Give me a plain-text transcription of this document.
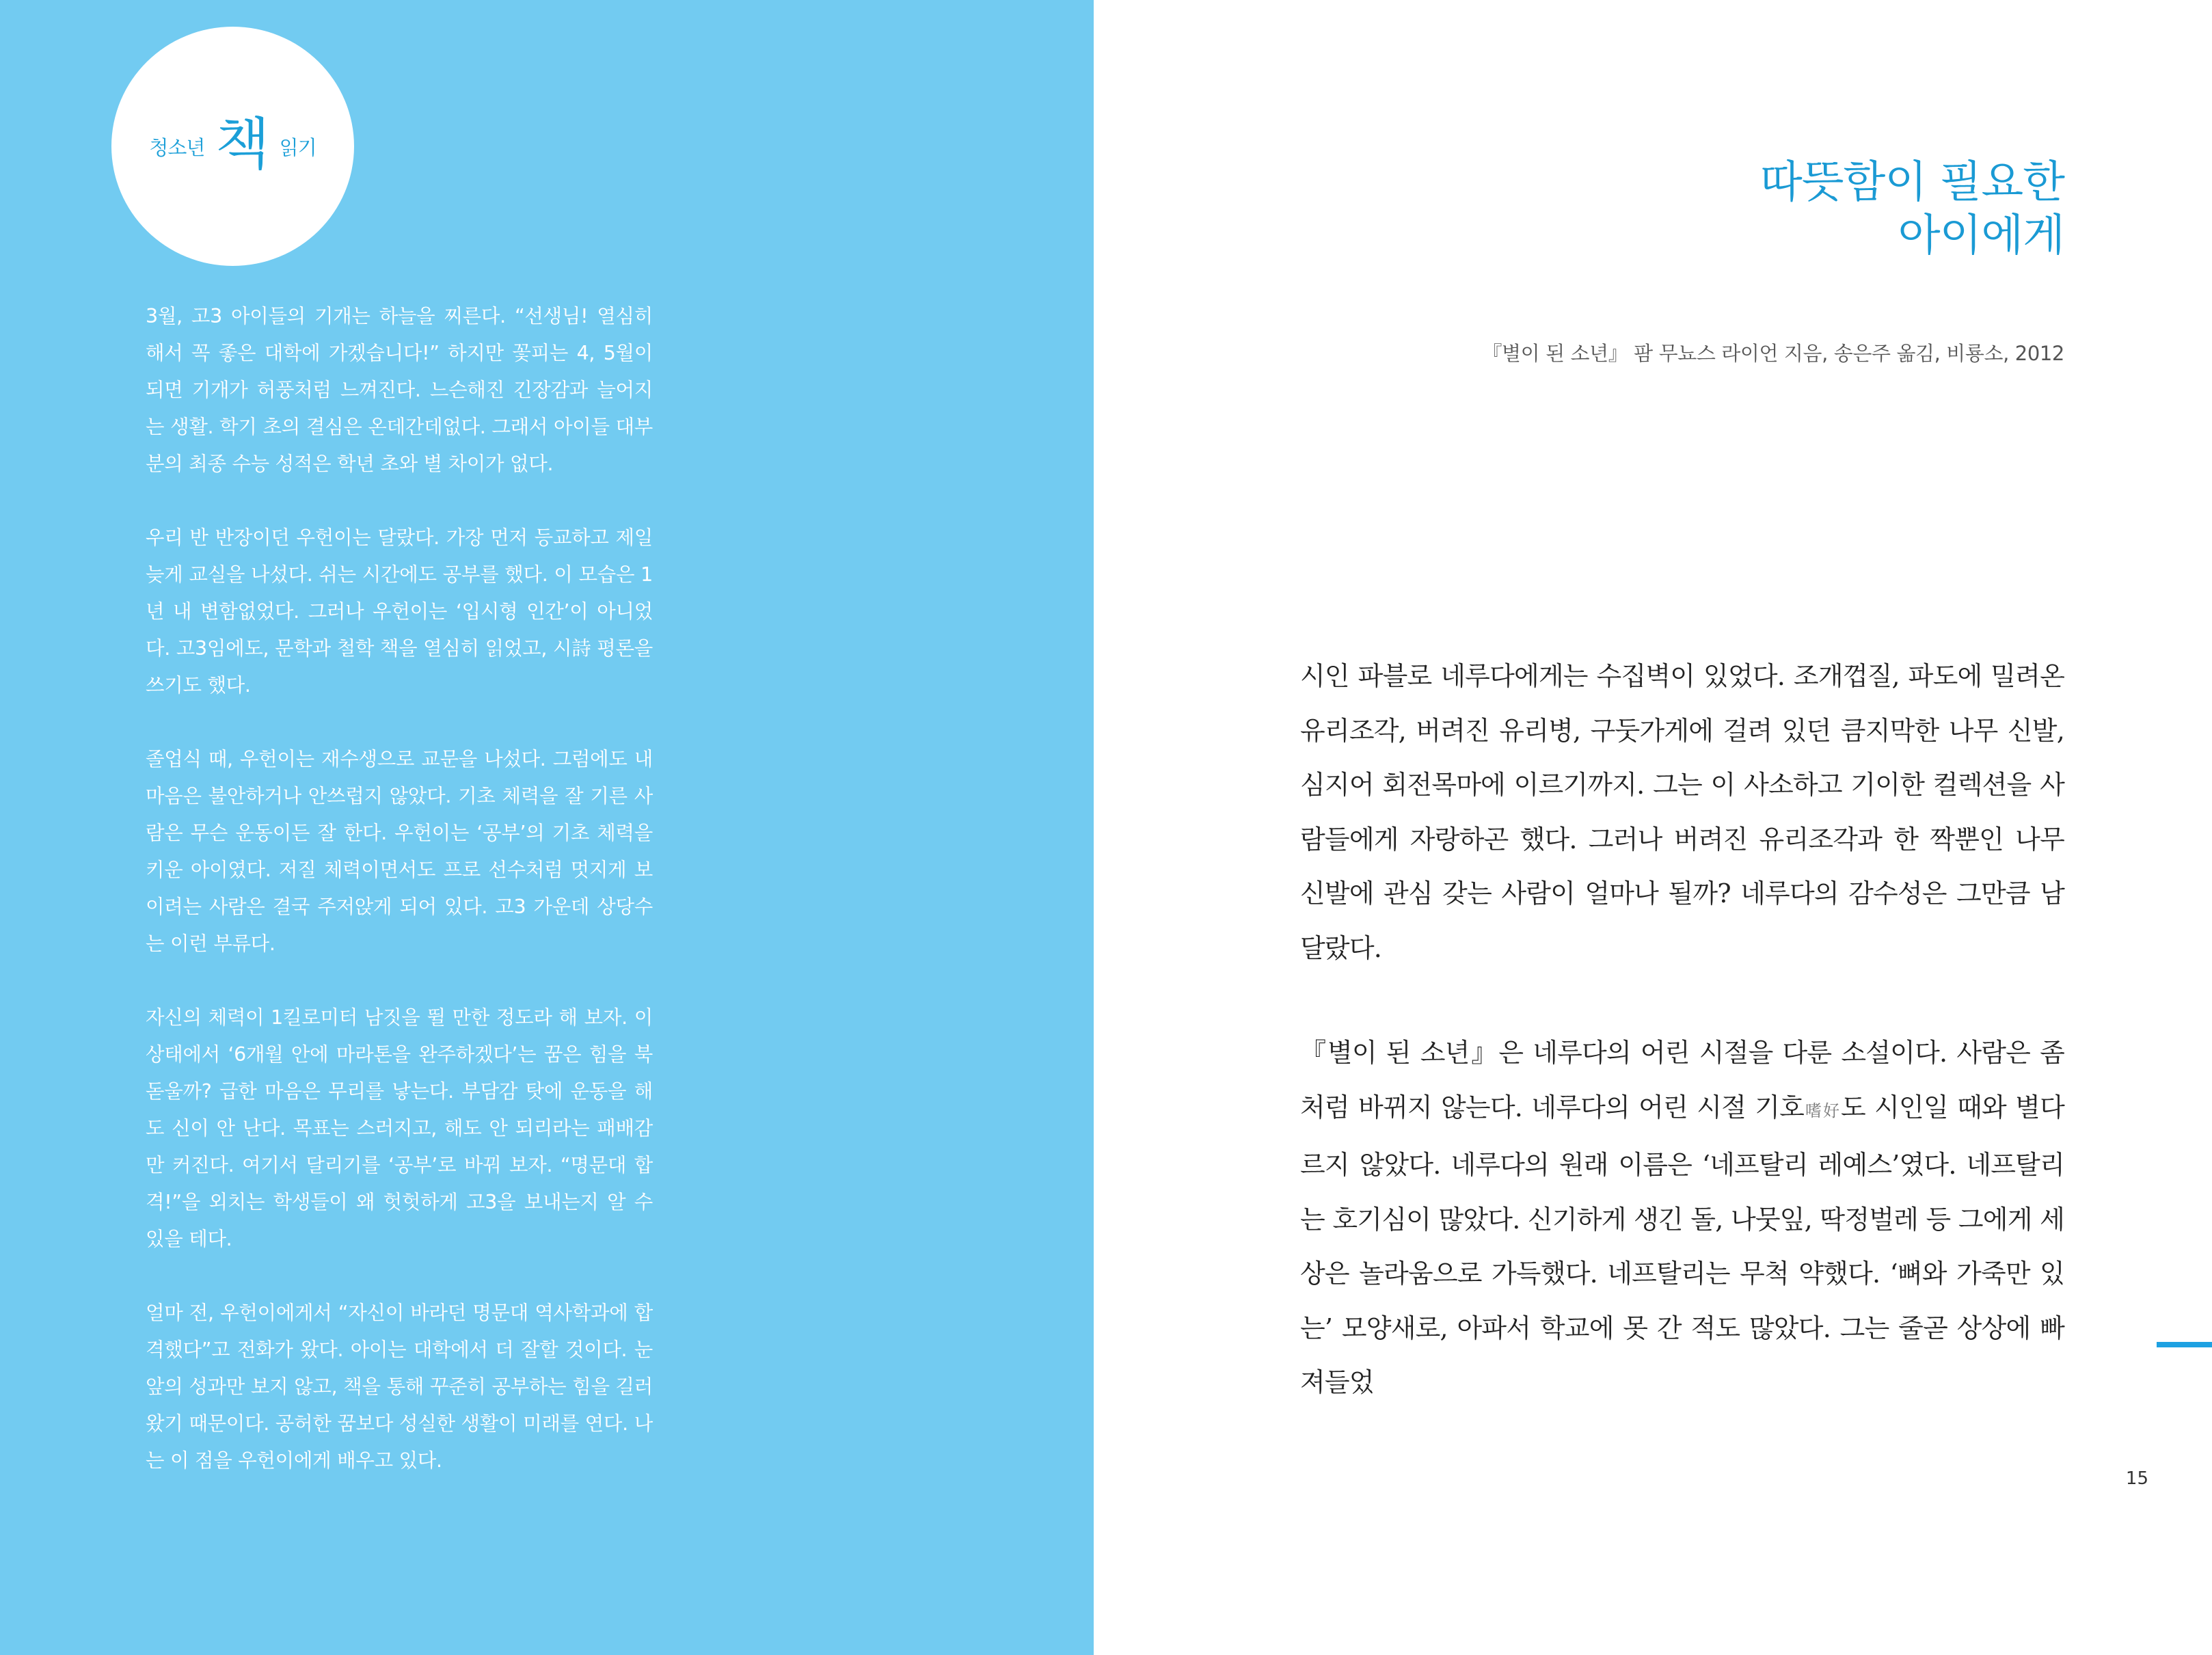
청소년 책 읽기

3월, 고3 아이들의 기개는 하늘을 찌른다. “선생님! 열심히 해서 꼭 좋은 대학에 가겠습니다!” 하지만 꽃피는 4, 5월이 되면 기개가 허풍처럼 느껴진다. 느슨해진 긴장감과 늘어지는 생활. 학기 초의 결심은 온데간데없다. 그래서 아이들 대부분의 최종 수능 성적은 학년 초와 별 차이가 없다.

우리 반 반장이던 우헌이는 달랐다. 가장 먼저 등교하고 제일 늦게 교실을 나섰다. 쉬는 시간에도 공부를 했다. 이 모습은 1년 내 변함없었다. 그러나 우헌이는 ‘입시형 인간’이 아니었다. 고3임에도, 문학과 철학 책을 열심히 읽었고, 시詩 평론을 쓰기도 했다.

졸업식 때, 우헌이는 재수생으로 교문을 나섰다. 그럼에도 내 마음은 불안하거나 안쓰럽지 않았다. 기초 체력을 잘 기른 사람은 무슨 운동이든 잘 한다. 우헌이는 ‘공부’의 기초 체력을 키운 아이였다. 저질 체력이면서도 프로 선수처럼 멋지게 보이려는 사람은 결국 주저앉게 되어 있다. 고3 가운데 상당수는 이런 부류다.

자신의 체력이 1킬로미터 남짓을 뛸 만한 정도라 해 보자. 이 상태에서 ‘6개월 안에 마라톤을 완주하겠다’는 꿈은 힘을 북돋울까? 급한 마음은 무리를 낳는다. 부담감 탓에 운동을 해도 신이 안 난다. 목표는 스러지고, 해도 안 되리라는 패배감만 커진다. 여기서 달리기를 ‘공부’로 바꿔 보자. “명문대 합격!”을 외치는 학생들이 왜 헛헛하게 고3을 보내는지 알 수 있을 테다.

얼마 전, 우헌이에게서 “자신이 바라던 명문대 역사학과에 합격했다”고 전화가 왔다. 아이는 대학에서 더 잘할 것이다. 눈앞의 성과만 보지 않고, 책을 통해 꾸준히 공부하는 힘을 길러 왔기 때문이다. 공허한 꿈보다 성실한 생활이 미래를 연다. 나는 이 점을 우헌이에게 배우고 있다.

따뜻함이 필요한
아이에게
『별이 된 소년』 팜 무뇨스 라이언 지음, 송은주 옮김, 비룡소, 2012

시인 파블로 네루다에게는 수집벽이 있었다. 조개껍질, 파도에 밀려온 유리조각, 버려진 유리병, 구둣가게에 걸려 있던 큼지막한 나무 신발, 심지어 회전목마에 이르기까지. 그는 이 사소하고 기이한 컬렉션을 사람들에게 자랑하곤 했다. 그러나 버려진 유리조각과 한 짝뿐인 나무 신발에 관심 갖는 사람이 얼마나 될까? 네루다의 감수성은 그만큼 남달랐다.

『별이 된 소년』은 네루다의 어린 시절을 다룬 소설이다. 사람은 좀처럼 바뀌지 않는다. 네루다의 어린 시절 기호嗜好도 시인일 때와 별다르지 않았다. 네루다의 원래 이름은 ‘네프탈리 레예스’였다. 네프탈리는 호기심이 많았다. 신기하게 생긴 돌, 나뭇잎, 딱정벌레 등 그에게 세상은 놀라움으로 가득했다. 네프탈리는 무척 약했다. ‘뼈와 가죽만 있는’ 모양새로, 아파서 학교에 못 간 적도 많았다. 그는 줄곧 상상에 빠져들었

15
